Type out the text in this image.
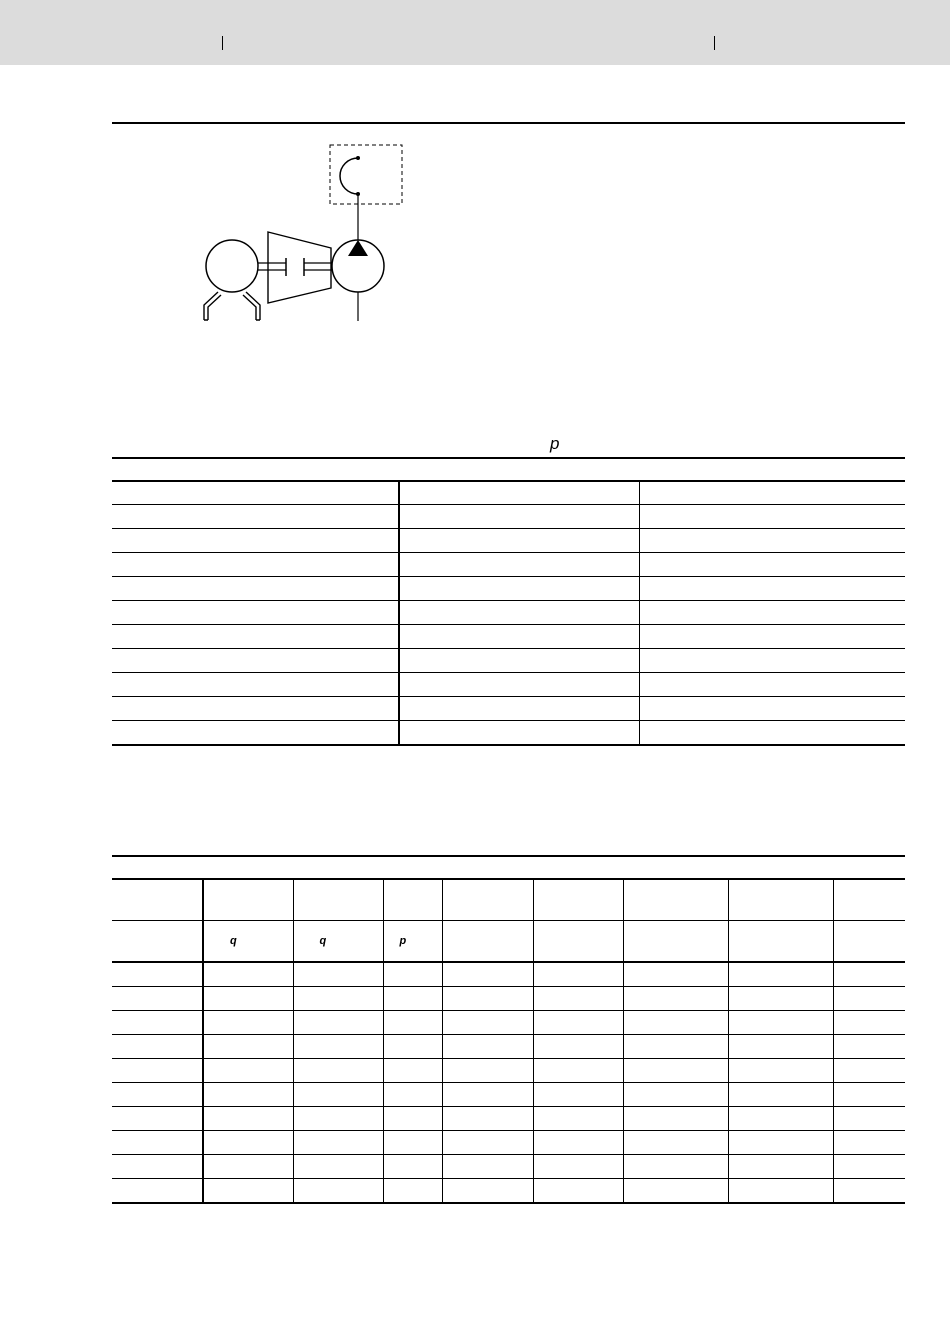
p

	q	q	p					
